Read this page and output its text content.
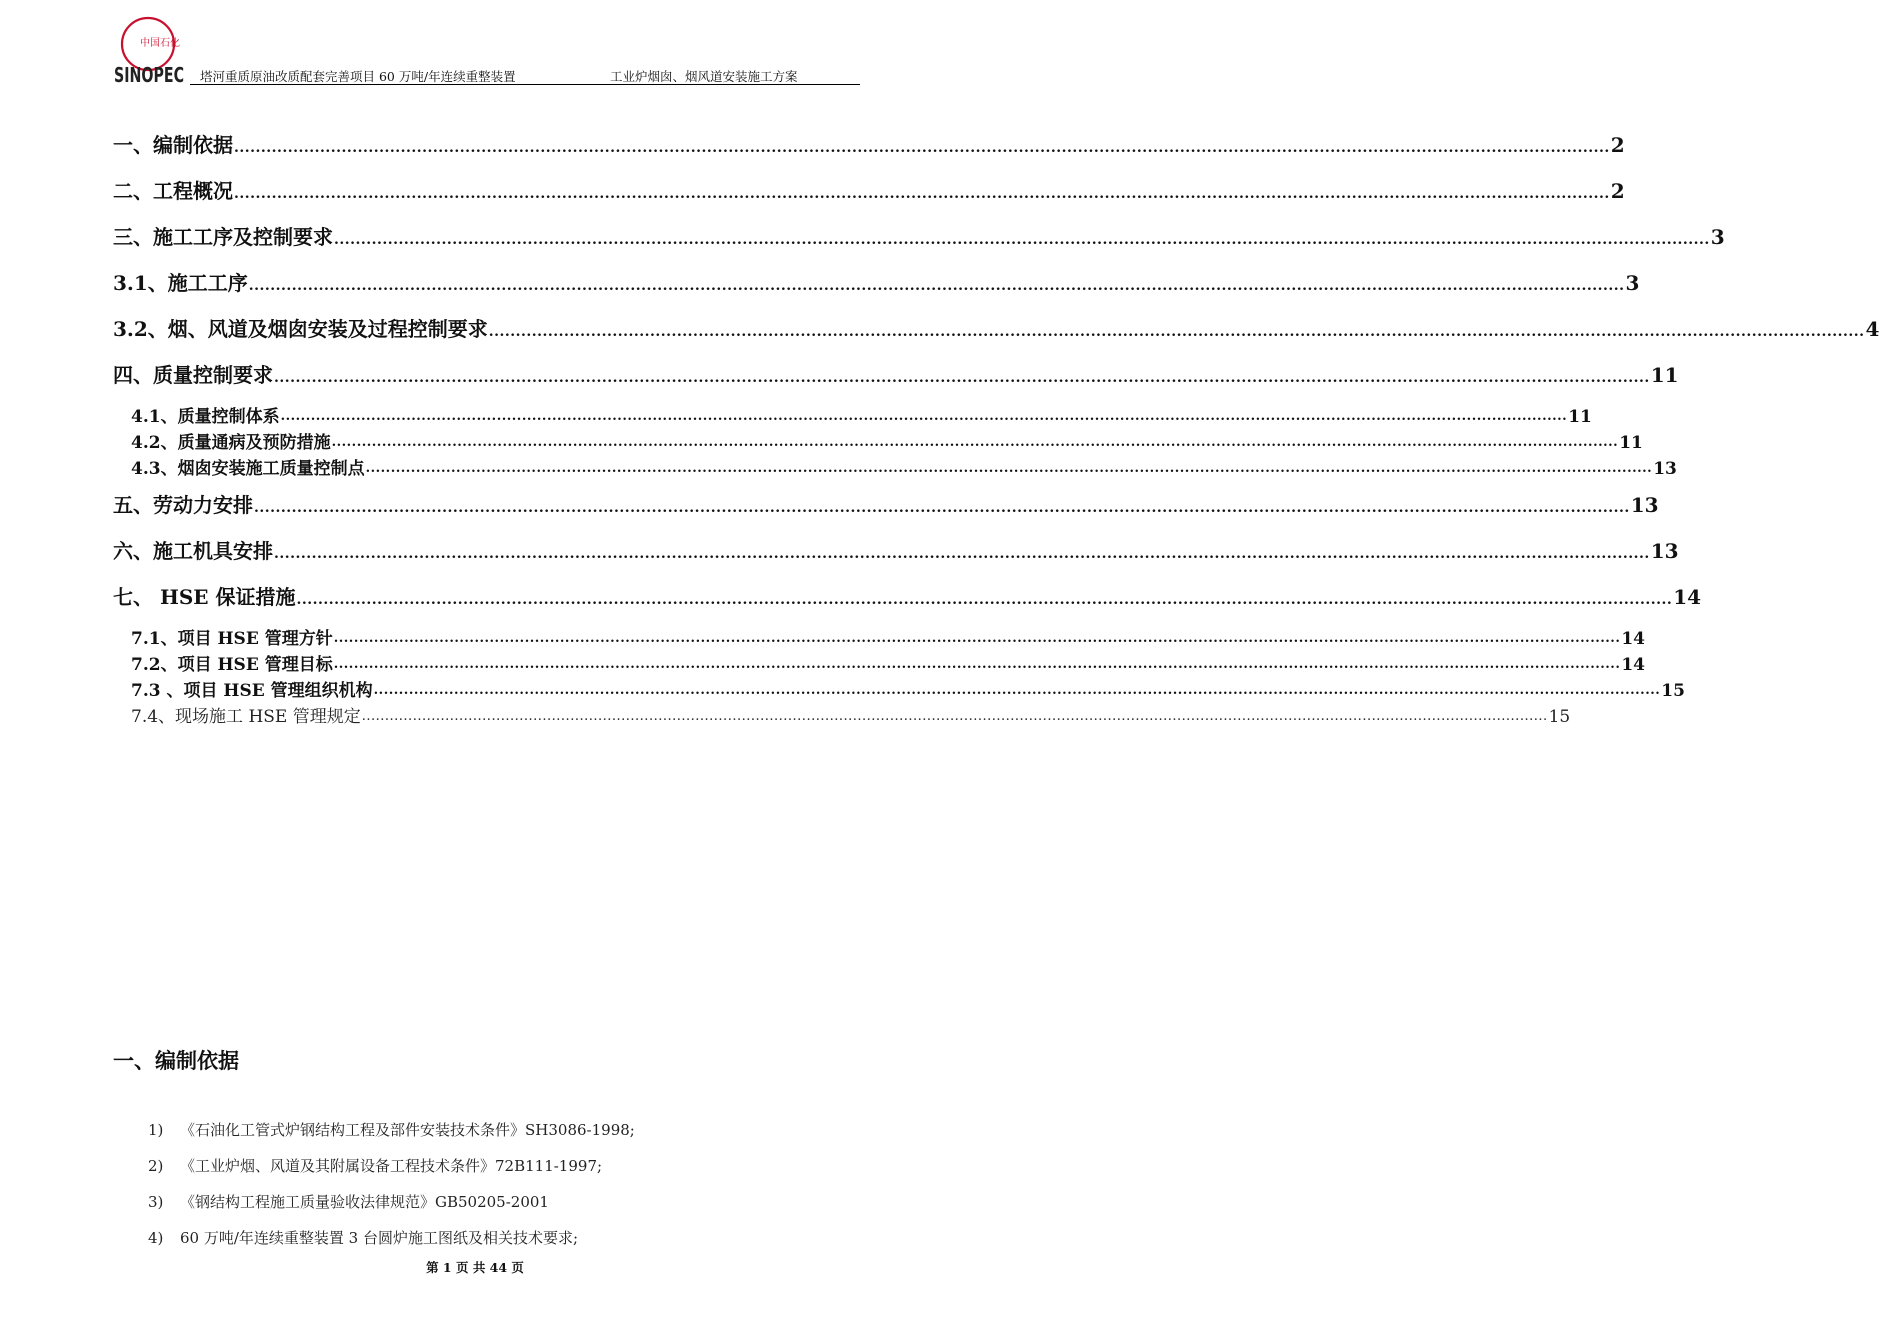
中国石化
SINOPEC 塔河重质原油改质配套完善项目 60 万吨/年连续重整装置	工业炉烟囱、烟风道安装施工方案
一、编制依据 .....	2
二、工程概况 .....	2
三、施工工序及控制要求 .....	3
3.1、施工工序 .....	3
3.2、烟、风道及烟囱安装及过程控制要求 .....	4
四、质量控制要求 .....	11
4.1、质量控制体系 .....	11
4.2、质量通病及预防措施 .....	11
4.3、烟囱安装施工质量控制点 .....	13
五、劳动力安排 .....	13
六、施工机具安排 .....	13
七、 HSE 保证措施 .....	14
7.1、项目 HSE 管理方针 .....	14
7.2、项目 HSE 管理目标 .....	14
7.3 、项目 HSE 管理组织机构 .....	15
7.4、现场施工 HSE 管理规定 .....	15
一、编制依据
1) 《石油化工管式炉钢结构工程及部件安装技术条件》SH3086-1998;
2) 《工业炉烟、风道及其附属设备工程技术条件》72B111-1997;
3) 《钢结构工程施工质量验收法律规范》GB50205-2001
4) 60 万吨/年连续重整装置 3 台圆炉施工图纸及相关技术要求;
第 1 页 共 44 页
